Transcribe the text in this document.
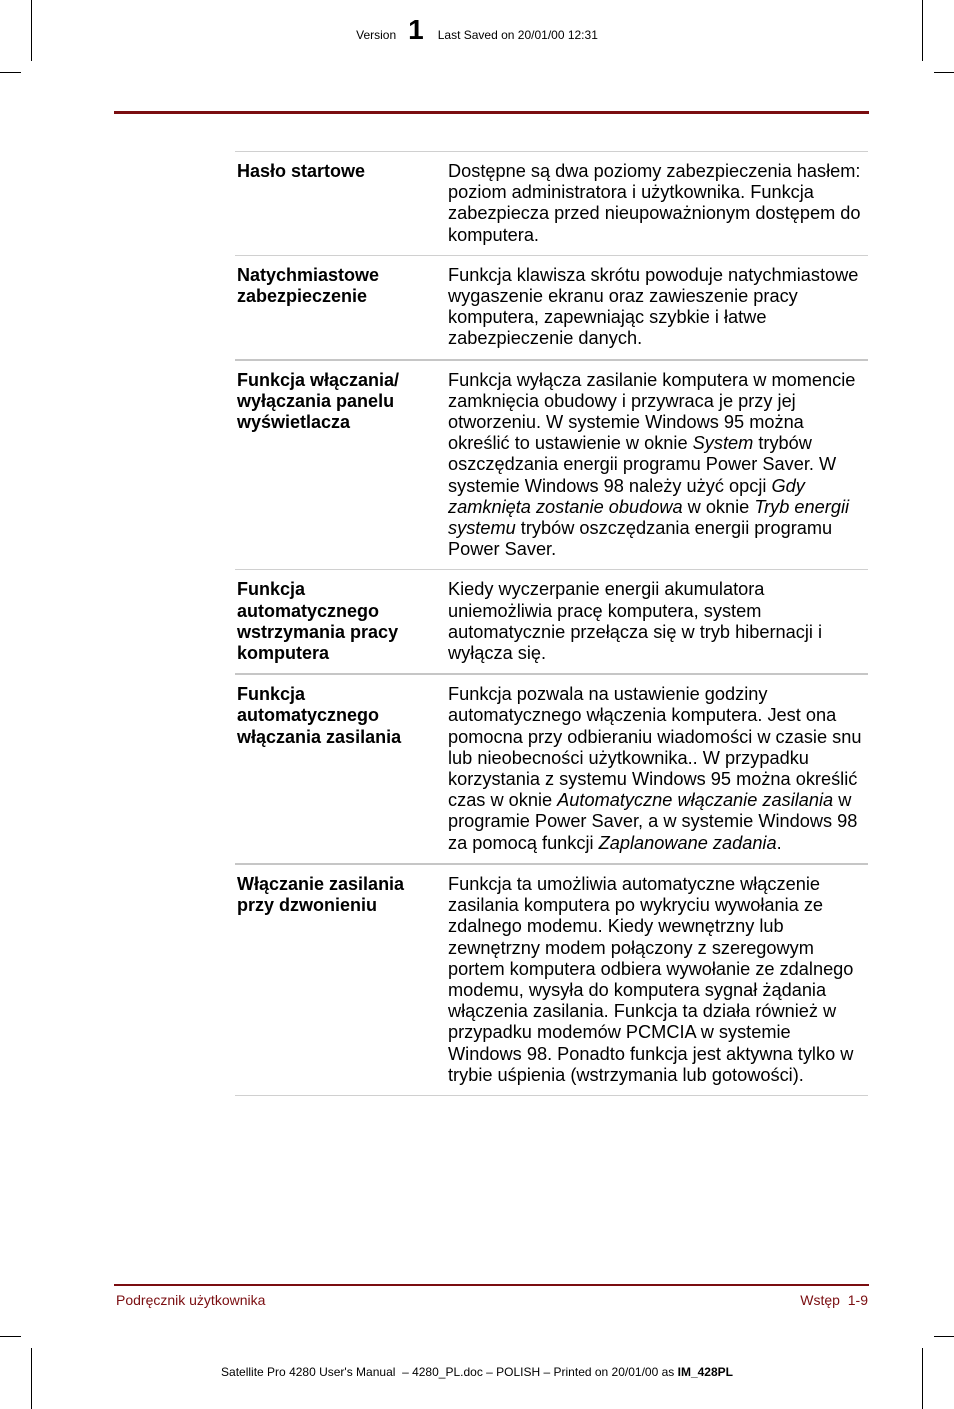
Version 1 Last Saved on 20/01/00 12:31
Hasło startowe	Dostępne są dwa poziomy zabezpieczenia hasłem: poziom administratora i użytkownika. Funkcja zabezpiecza przed nieupoważnionym dostępem do komputera.
Natychmiastowe zabezpieczenie
Funkcja klawisza skrótu powoduje natychmiastowe wygaszenie ekranu oraz zawieszenie pracy komputera, zapewniając szybkie i łatwe zabezpieczenie danych.
Funkcja włączania/ wyłączania panelu wyświetlacza
Funkcja wyłącza zasilanie komputera w momencie zamknięcia obudowy i przywraca je przy jej otworzeniu. W systemie Windows 95 można określić to ustawienie w oknie System trybów oszczędzania energii programu Power Saver. W systemie Windows 98 należy użyć opcji Gdy zamknięta zostanie obudowa w oknie Tryb energii systemu trybów oszczędzania energii programu Power Saver.
Funkcja automatycznego wstrzymania pracy komputera
Kiedy wyczerpanie energii akumulatora uniemożliwia pracę komputera, system automatycznie przełącza się w tryb hibernacji i wyłącza się.
Funkcja automatycznego włączania zasilania
Funkcja pozwala na ustawienie godziny automatycznego włączenia komputera. Jest ona pomocna przy odbieraniu wiadomości w czasie snu lub nieobecności użytkownika.. W przypadku korzystania z systemu Windows 95 można określić czas w oknie Automatyczne włączanie zasilania w programie Power Saver, a w systemie Windows 98 za pomocą funkcji Zaplanowane zadania.
Włączanie zasilania przy dzwonieniu
Funkcja ta umożliwia automatyczne włączenie zasilania komputera po wykryciu wywołania ze zdalnego modemu. Kiedy wewnętrzny lub zewnętrzny modem połączony z szeregowym portem komputera odbiera wywołanie ze zdalnego modemu, wysyła do komputera sygnał żądania włączenia zasilania. Funkcja ta działa również w przypadku modemów PCMCIA w systemie Windows 98. Ponadto funkcja jest aktywna tylko w trybie uśpienia (wstrzymania lub gotowości).
Podręcznik użytkownika	Wstęp  1-9
Satellite Pro 4280 User's Manual  – 4280_PL.doc – POLISH – Printed on 20/01/00 as IM_428PL
